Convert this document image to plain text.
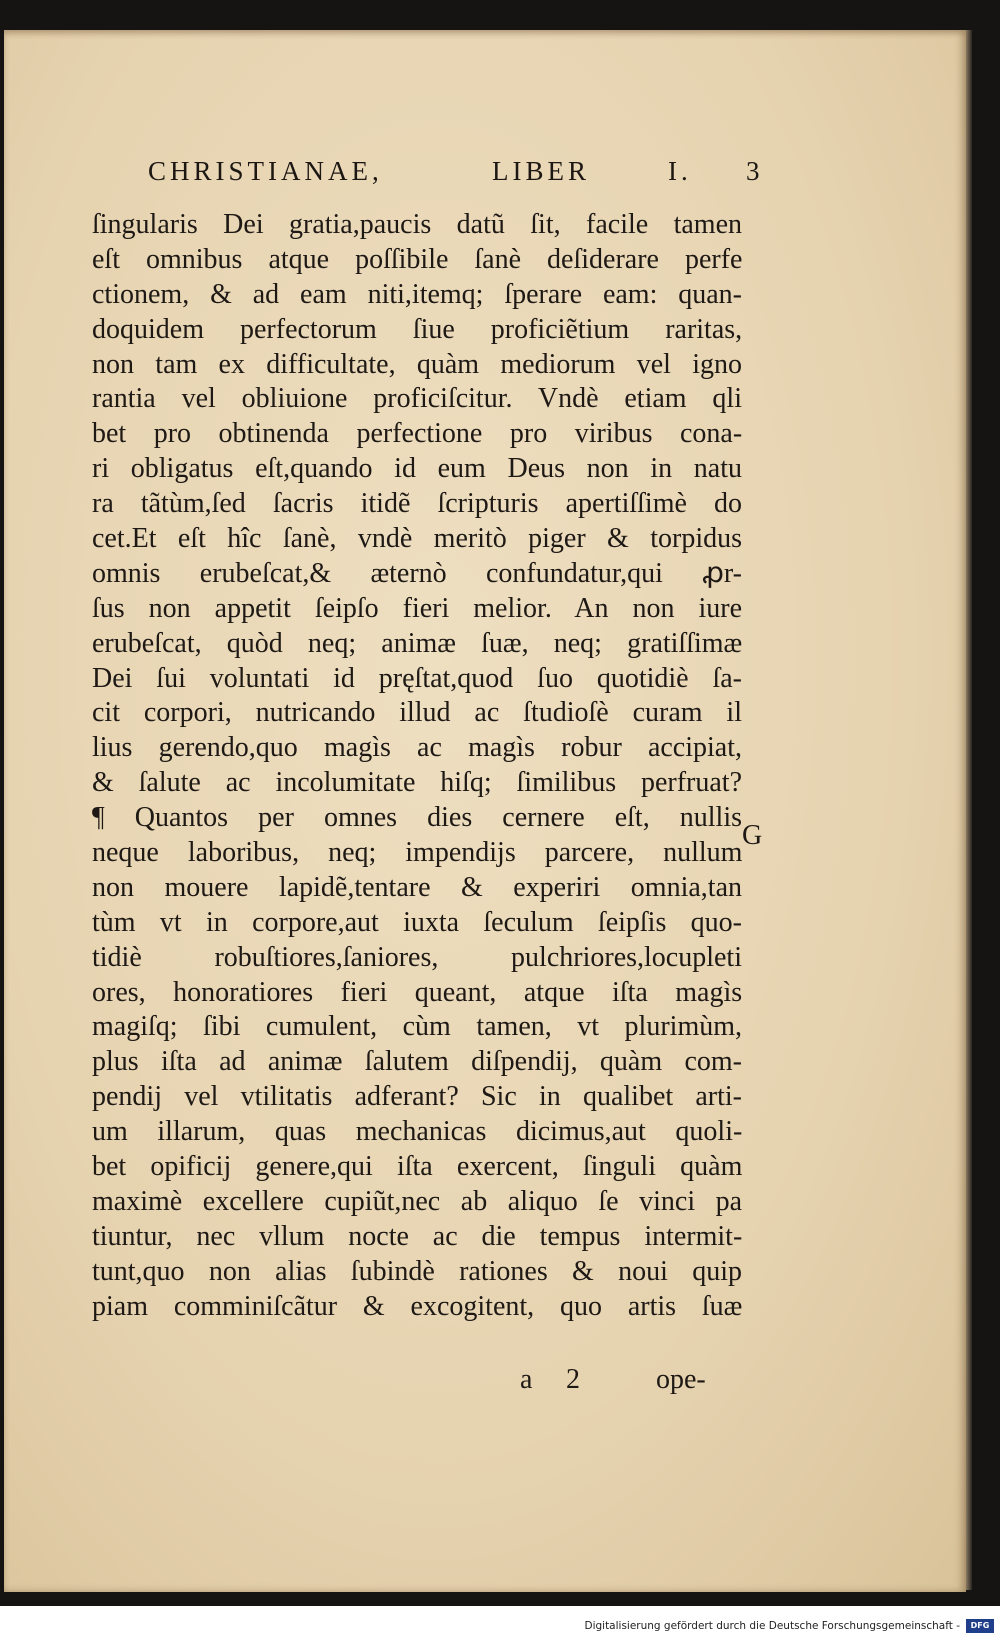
CHRISTIANAE,	LIBER	I. 3
ſingularis Dei gratia,paucis datũ ſit, facile tamen
eſt omnibus atque poſſibile ſanè deſiderare perfe
ctionem, & ad eam niti,itemq; ſperare eam: quan-
doquidem perfectorum ſiue proficiẽtium raritas,
non tam ex difficultate, quàm mediorum vel igno
rantia vel obliuione proficiſcitur. Vndè etiam qli
bet pro obtinenda perfectione pro viribus cona-
ri obligatus eſt,quando id eum Deus non in natu
ra tãtùm,ſed ſacris itidẽ ſcripturis apertiſſimè do
cet.Et eſt hîc ſanè, vndè meritò piger & torpidus
omnis erubeſcat,& æternò confundatur,qui ꝓr-
ſus non appetit ſeipſo fieri melior. An non iure
erubeſcat, quòd neq; animæ ſuæ, neq; gratiſſimæ
Dei ſui voluntati id pręſtat,quod ſuo quotidiè ſa-
cit corpori, nutricando illud ac ſtudioſè curam il
lius gerendo,quo magìs ac magìs robur accipiat,
& ſalute ac incolumitate hiſq; ſimilibus perfruat?
¶ Quantos per omnes dies cernere eſt, nullis
neque laboribus, neq; impendijs parcere, nullum
non mouere lapidẽ,tentare & experiri omnia,tan
tùm vt in corpore,aut iuxta ſeculum ſeipſis quo-
tidiè robuſtiores,ſaniores, pulchriores,locupleti
ores, honoratiores fieri queant, atque iſta magìs
magiſq; ſibi cumulent, cùm tamen, vt plurimùm,
plus iſta ad animæ ſalutem diſpendij, quàm com-
pendij vel vtilitatis adferant? Sic in qualibet arti-
um illarum, quas mechanicas dicimus,aut quoli-
bet opificij genere,qui iſta exercent, ſinguli quàm
maximè excellere cupiũt,nec ab aliquo ſe vinci pa
tiuntur, nec vllum nocte ac die tempus intermit-
tunt,quo non alias ſubindè rationes & noui quip
piam comminiſcãtur & excogitent, quo artis ſuæ
G
a 2	ope-
Digitalisierung gefördert durch die Deutsche Forschungsgemeinschaft -	DFG
